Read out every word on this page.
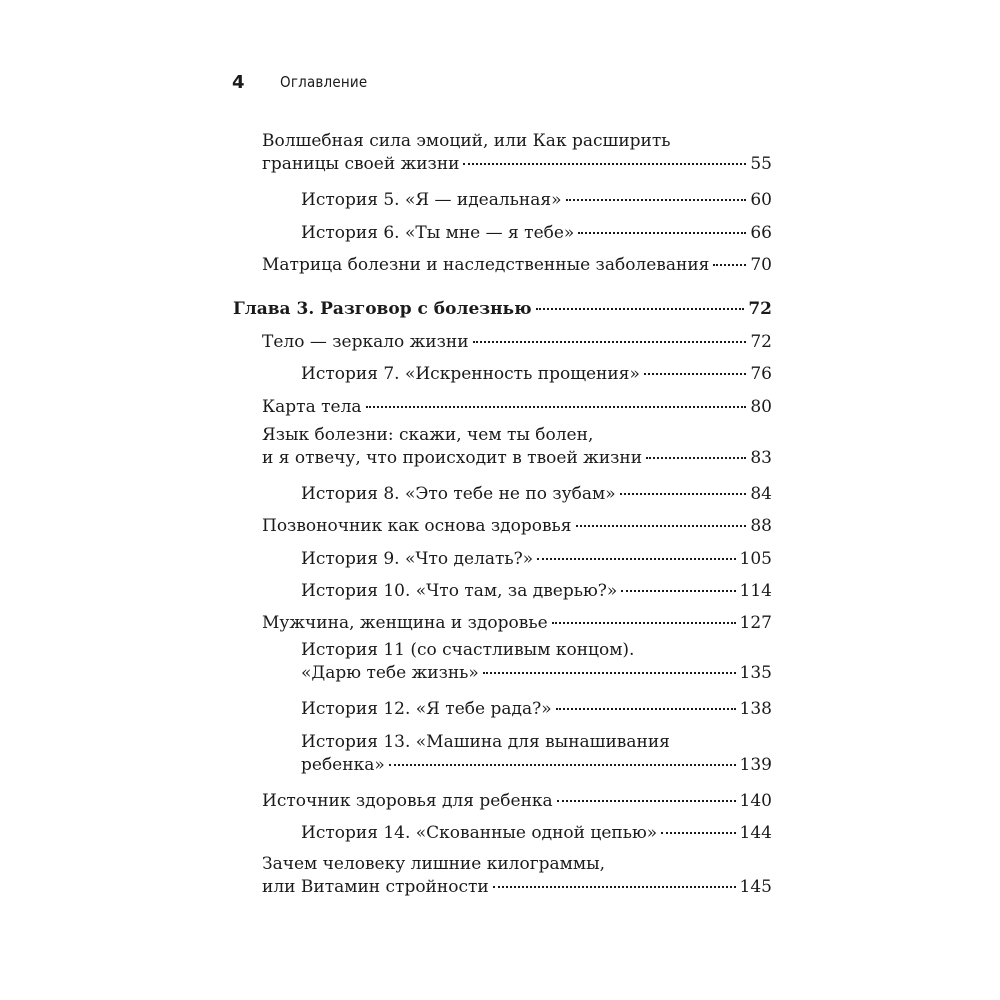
4	Оглавление
Волшебная сила эмоций, или Как расширить
границы своей жизни	55
История 5. «Я — идеальная»	60
История 6. «Ты мне — я тебе»	66
Матрица болезни и наследственные заболевания 70
Глава 3. Разговор с болезнью	72
Тело — зеркало жизни	72
История 7. «Искренность прощения»	76
Карта тела	80
Язык болезни: скажи, чем ты болен,
и я отвечу, что происходит в твоей жизни	83
История 8. «Это тебе не по зубам»	84
Позвоночник как основа здоровья	88
История 9. «Что делать?»	105
История 10. «Что там, за дверью?»	114
Мужчина, женщина и здоровье	127
История 11 (со счастливым концом).
«Дарю тебе жизнь»	135
История 12. «Я тебе рада?»	138
История 13. «Машина для вынашивания
ребенка»	139
Источник здоровья для ребенка	140
История 14. «Скованные одной цепью»	144
Зачем человеку лишние килограммы,
или Витамин стройности	145
